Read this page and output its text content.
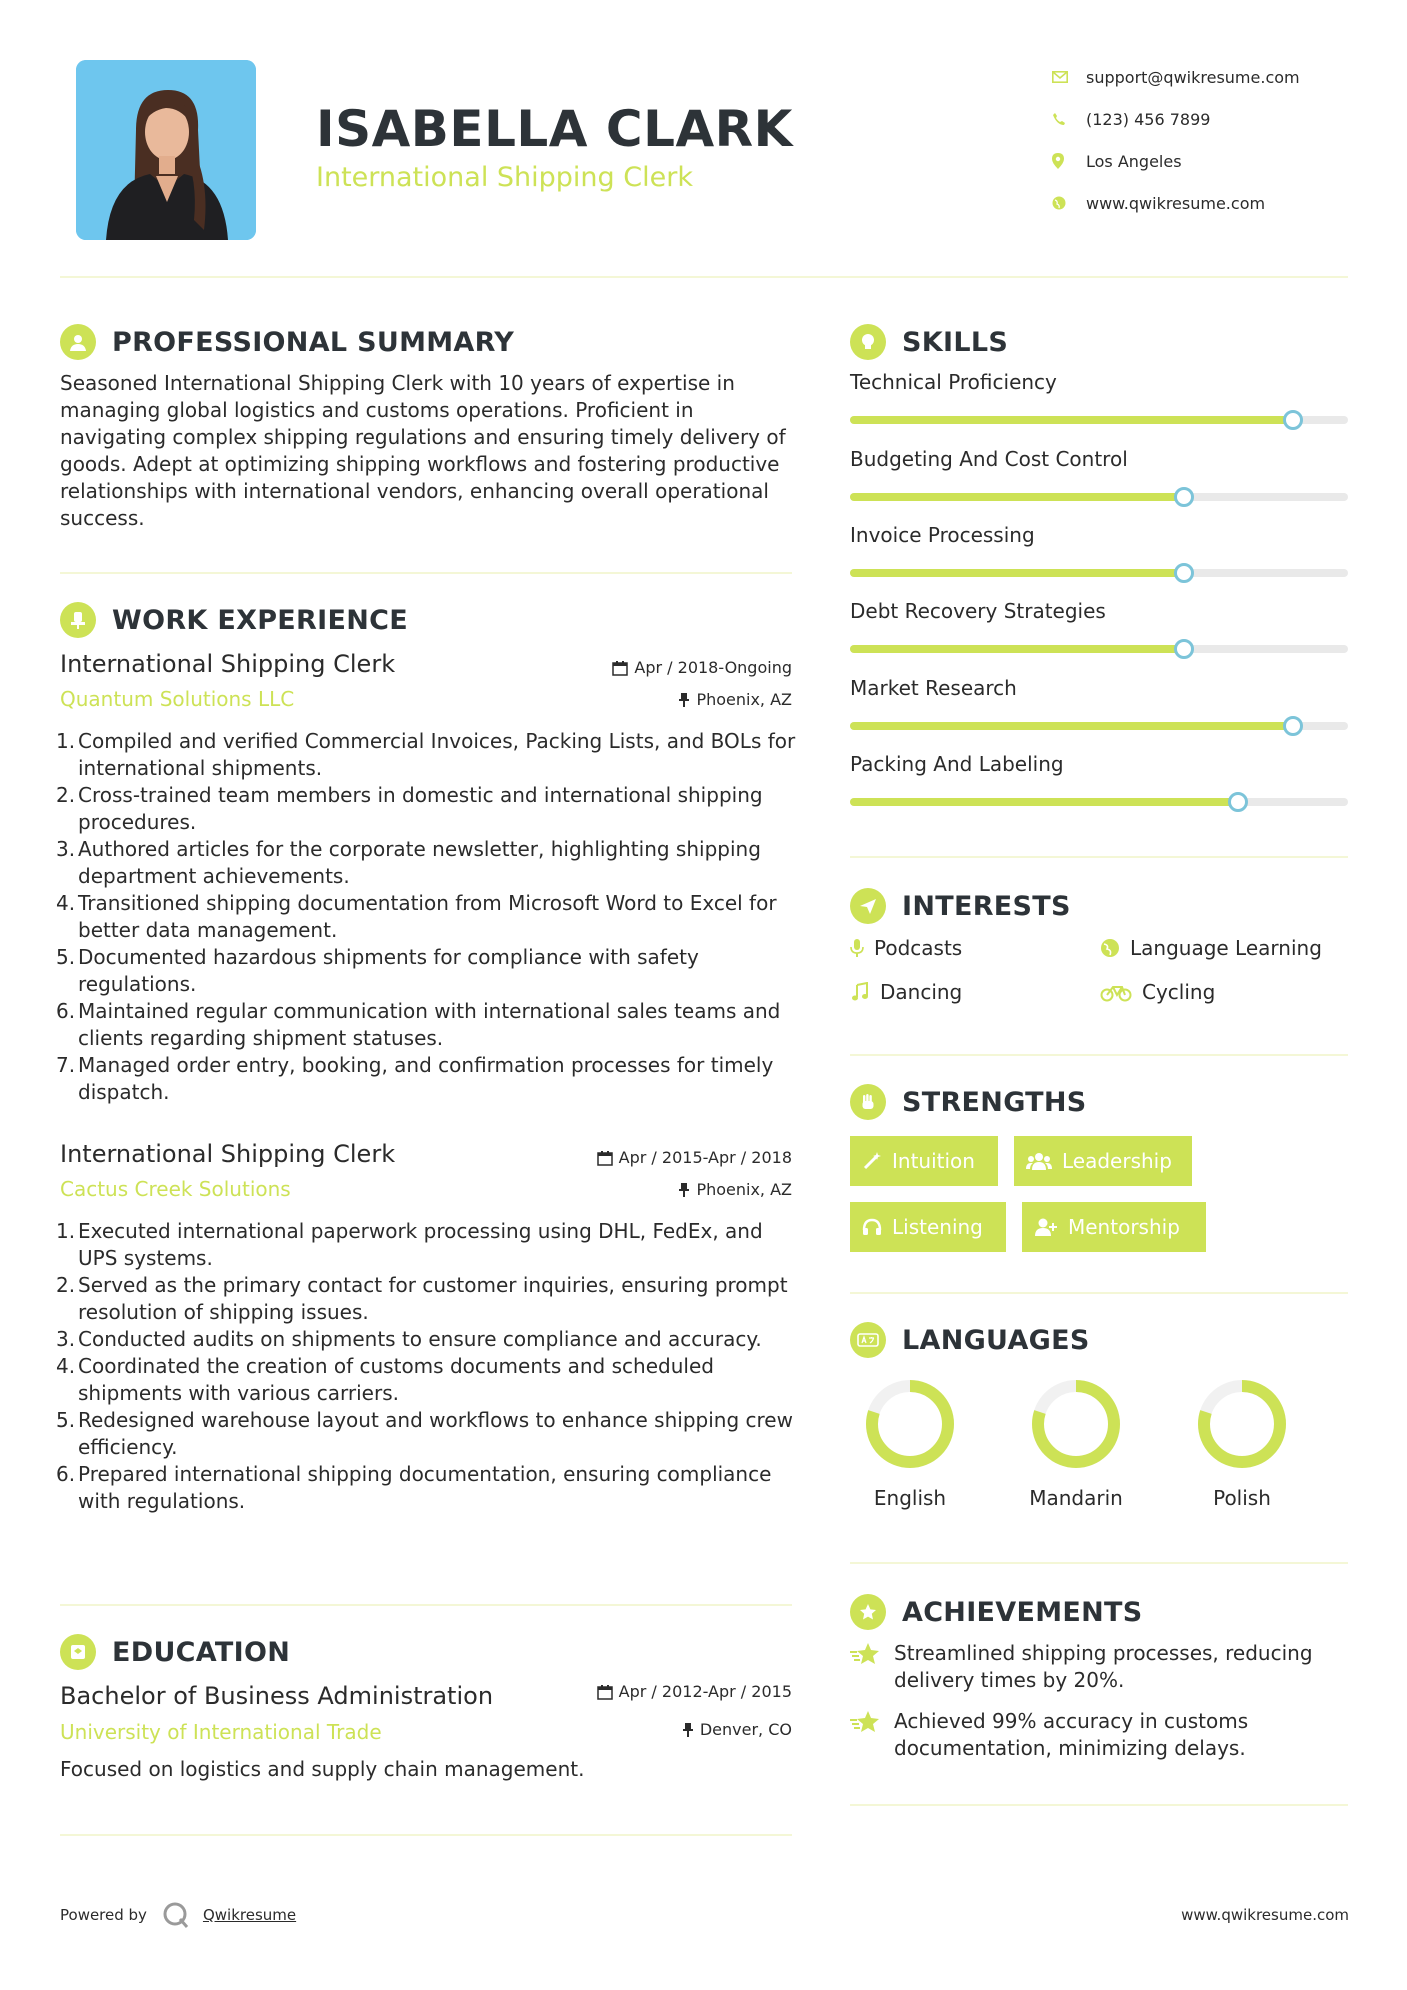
ISABELLA CLARK
International Shipping Clerk
support@qwikresume.com
(123) 456 7899
Los Angeles
www.qwikresume.com
PROFESSIONAL SUMMARY
Seasoned International Shipping Clerk with 10 years of expertise in managing global logistics and customs operations. Proficient in navigating complex shipping regulations and ensuring timely delivery of goods. Adept at optimizing shipping workflows and fostering productive relationships with international vendors, enhancing overall operational success.
WORK EXPERIENCE
International Shipping Clerk
Quantum Solutions LLC
Apr / 2018-Ongoing
Phoenix, AZ
1. Compiled and verified Commercial Invoices, Packing Lists, and BOLs for international shipments.
2. Cross-trained team members in domestic and international shipping procedures.
3. Authored articles for the corporate newsletter, highlighting shipping department achievements.
4. Transitioned shipping documentation from Microsoft Word to Excel for better data management.
5. Documented hazardous shipments for compliance with safety regulations.
6. Maintained regular communication with international sales teams and clients regarding shipment statuses.
7. Managed order entry, booking, and confirmation processes for timely dispatch.
International Shipping Clerk
Cactus Creek Solutions
Apr / 2015-Apr / 2018
Phoenix, AZ
1. Executed international paperwork processing using DHL, FedEx, and UPS systems.
2. Served as the primary contact for customer inquiries, ensuring prompt resolution of shipping issues.
3. Conducted audits on shipments to ensure compliance and accuracy.
4. Coordinated the creation of customs documents and scheduled shipments with various carriers.
5. Redesigned warehouse layout and workflows to enhance shipping crew efficiency.
6. Prepared international shipping documentation, ensuring compliance with regulations.
EDUCATION
Bachelor of Business Administration
University of International Trade
Apr / 2012-Apr / 2015
Denver, CO
Focused on logistics and supply chain management.
SKILLS
Technical Proficiency
Budgeting And Cost Control
Invoice Processing
Debt Recovery Strategies
Market Research
Packing And Labeling
INTERESTS
Podcasts	Language Learning
Dancing	Cycling
STRENGTHS
Intuition	Leadership
Listening	Mentorship
LANGUAGES
English	Mandarin	Polish
ACHIEVEMENTS
Streamlined shipping processes, reducing delivery times by 20%.
Achieved 99% accuracy in customs documentation, minimizing delays.
Powered by	Qwikresume	www.qwikresume.com
